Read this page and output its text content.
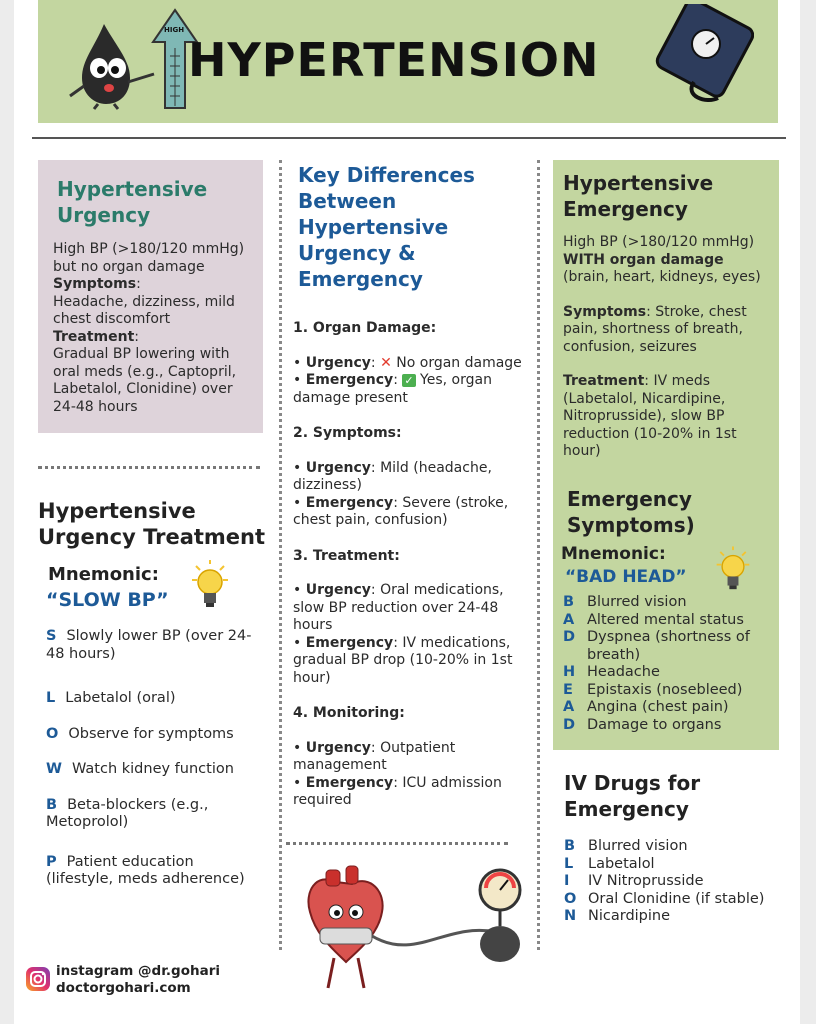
HIGH
HYPERTENSION
Hypertensive
Urgency
High BP (>180/120 mmHg)
but no organ damage
Symptoms:
Headache, dizziness, mild chest discomfort
Treatment:
Gradual BP lowering with oral meds (e.g., Captopril, Labetalol, Clonidine) over 24-48 hours
Hypertensive
Urgency Treatment
Mnemonic:
“SLOW BP”
S Slowly lower BP (over 24-48 hours)
L Labetalol (oral)
O Observe for symptoms
W Watch kidney function
B Beta-blockers (e.g., Metoprolol)
P Patient education (lifestyle, meds adherence)
Key Differences Between Hypertensive Urgency & Emergency
1. Organ Damage:
• Urgency: ✕ No organ damage
• Emergency: ✓ Yes, organ damage present
2. Symptoms:
• Urgency: Mild (headache, dizziness)
• Emergency: Severe (stroke, chest pain, confusion)
3. Treatment:
• Urgency: Oral medications, slow BP reduction over 24-48 hours
• Emergency: IV medications, gradual BP drop (10-20% in 1st hour)
4. Monitoring:
• Urgency: Outpatient management
• Emergency: ICU admission required
Hypertensive
Emergency
High BP (>180/120 mmHg)
WITH organ damage
(brain, heart, kidneys, eyes)
Symptoms: Stroke, chest pain, shortness of breath, confusion, seizures
Treatment: IV meds (Labetalol, Nicardipine, Nitroprusside), slow BP reduction (10-20% in 1st hour)
Emergency
Symptoms)
Mnemonic:
“BAD HEAD”
B Blurred vision
A Altered mental status
D Dyspnea (shortness of breath)
H Headache
E Epistaxis (nosebleed)
A Angina (chest pain)
D Damage to organs
IV Drugs for
Emergency
B Blurred vision
L	Labetalol
I	IV Nitroprusside
O Oral Clonidine (if stable)
N Nicardipine
instagram @dr.gohari
doctorgohari.com
